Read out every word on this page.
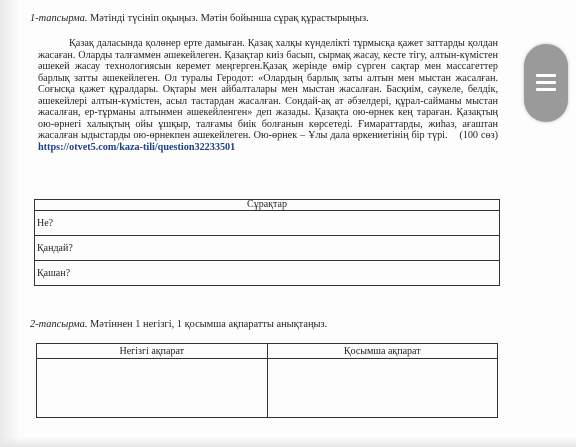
1-тапсырма. Мәтінді түсініп оқыңыз. Мәтін бойынша сұрақ құрастырыңыз.
Қазақ даласында қолөнер ерте дамыған. Қазақ халқы күнделікті тұрмысқа қажет заттарды қолдан жасаған. Оларды талғаммен әшекейлеген. Қазақтар киіз басып, сырмақ жасау, кесте тігу, алтын-күмістен әшекей жасау технологиясын керемет меңгерген.Қазақ жерінде өмір сүрген сақтар мен массагеттер барлық затты әшекейлеген. Ол туралы Геродот: «Олардың барлық заты алтын мен мыстан жасалған. Соғысқа қажет құралдары. Оқтары мен айбалталары мен мыстан жасалған. Басқиім, сәукеле, белдік, әшекейлері алтын-күмістен, асыл тастардан жасалған. Сондай-ақ ат әбзелдері, құрал-сайманы мыстан жасалған, ер-тұрманы алтынмен әшекейленген» деп жазады. Қазақта ою-өрнек кең тараған. Қазақтың ою-өрнегі халықтың ойы ұшқыр, талғамы биік болғанын көрсетеді. Ғимараттарды, жиһаз, ағаштан жасалған ыдыстарды ою-өрнекпен әшекейлеген. Ою-өрнек – Ұлы дала өркениетінің бір түрі. (100 сөз) https://otvet5.com/kaza-tili/question32233501
Сұрақтар
Не?
Қандай?
Қашан?
2-тапсырма. Мәтіннен 1 негізгі, 1 қосымша ақпаратты анықтаңыз.
Негізгі ақпарат	Қосымша ақпарат
